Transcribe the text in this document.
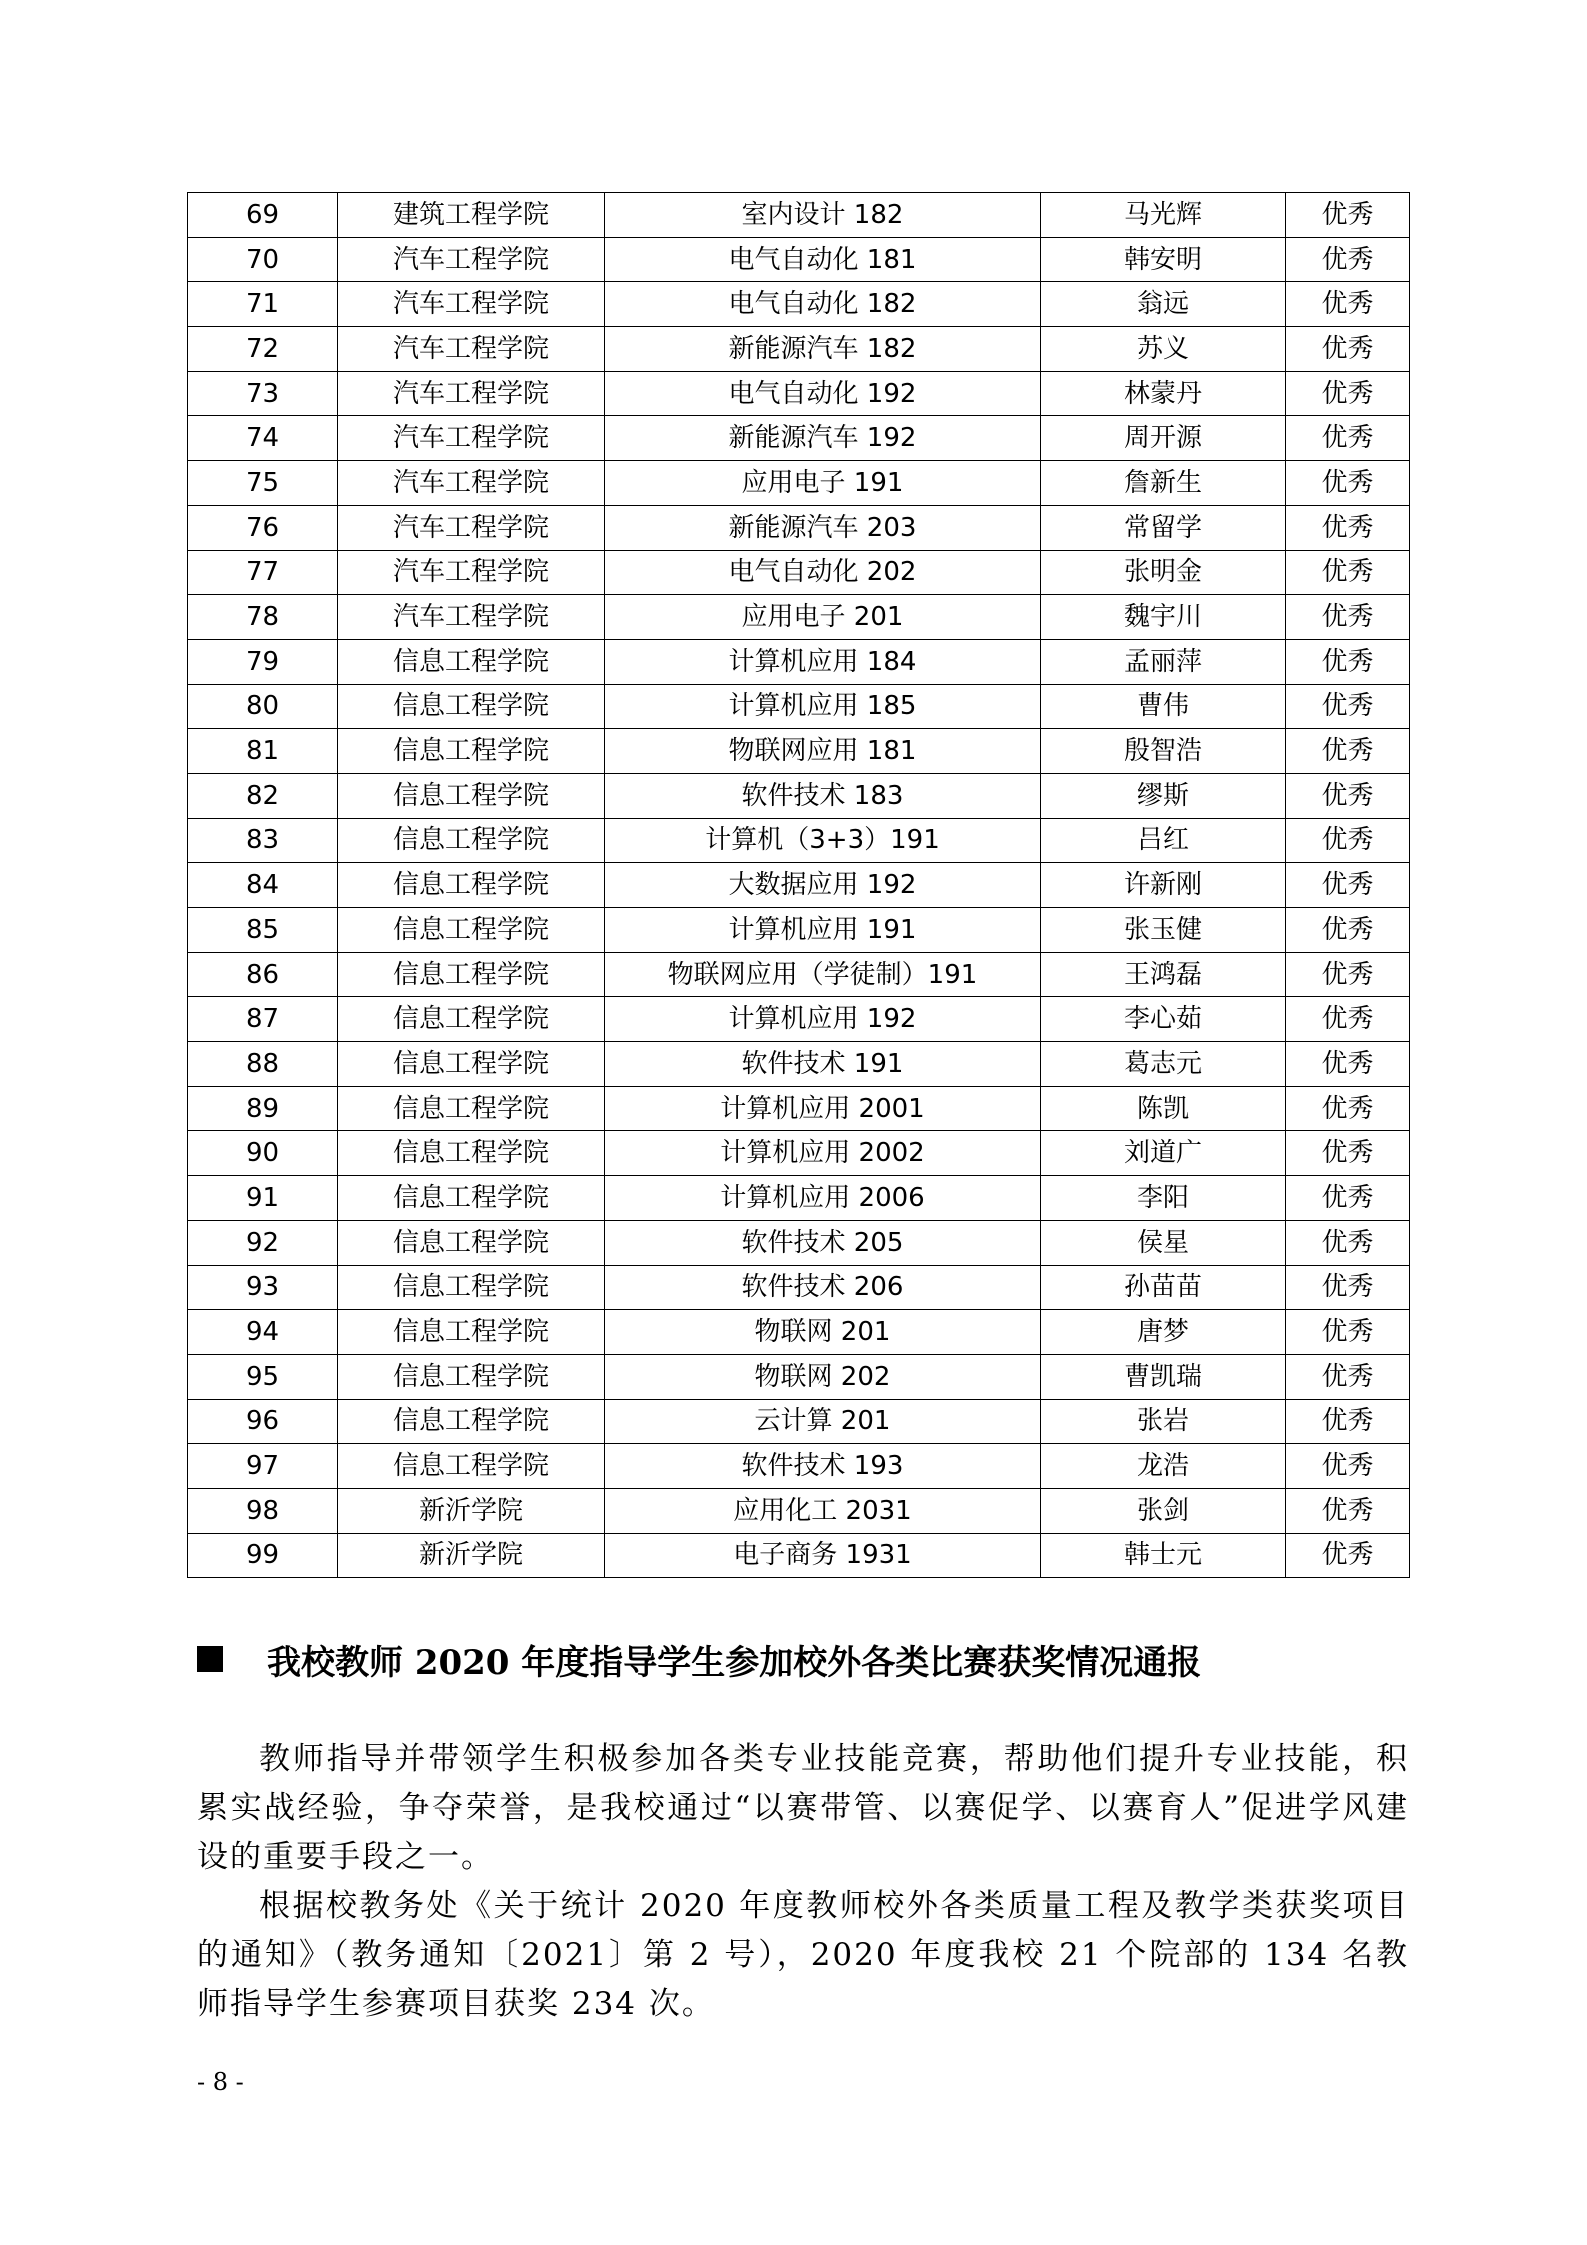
69	建筑工程学院	室内设计 182	马光辉	优秀
70	汽车工程学院	电气自动化 181	韩安明	优秀
71	汽车工程学院	电气自动化 182	翁远	优秀
72	汽车工程学院	新能源汽车 182	苏义	优秀
73	汽车工程学院	电气自动化 192	林蒙丹	优秀
74	汽车工程学院	新能源汽车 192	周开源	优秀
75	汽车工程学院	应用电子 191	詹新生	优秀
76	汽车工程学院	新能源汽车 203	常留学	优秀
77	汽车工程学院	电气自动化 202	张明金	优秀
78	汽车工程学院	应用电子 201	魏宇川	优秀
79	信息工程学院	计算机应用 184	孟丽萍	优秀
80	信息工程学院	计算机应用 185	曹伟	优秀
81	信息工程学院	物联网应用 181	殷智浩	优秀
82	信息工程学院	软件技术 183	缪斯	优秀
83	信息工程学院	计算机（3+3）191	吕红	优秀
84	信息工程学院	大数据应用 192	许新刚	优秀
85	信息工程学院	计算机应用 191	张玉健	优秀
86	信息工程学院	物联网应用（学徒制）191	王鸿磊	优秀
87	信息工程学院	计算机应用 192	李心茹	优秀
88	信息工程学院	软件技术 191	葛志元	优秀
89	信息工程学院	计算机应用 2001	陈凯	优秀
90	信息工程学院	计算机应用 2002	刘道广	优秀
91	信息工程学院	计算机应用 2006	李阳	优秀
92	信息工程学院	软件技术 205	侯星	优秀
93	信息工程学院	软件技术 206	孙苗苗	优秀
94	信息工程学院	物联网 201	唐梦	优秀
95	信息工程学院	物联网 202	曹凯瑞	优秀
96	信息工程学院	云计算 201	张岩	优秀
97	信息工程学院	软件技术 193	龙浩	优秀
98	新沂学院	应用化工 2031	张剑	优秀
99	新沂学院	电子商务 1931	韩士元	优秀
我校教师 2020 年度指导学生参加校外各类比赛获奖情况通报

教师指导并带领学生积极参加各类专业技能竞赛，帮助他们提升专业技能，积累实战经验，争夺荣誉，是我校通过“以赛带管、以赛促学、以赛育人”促进学风建设的重要手段之一。

根据校教务处《关于统计 2020 年度教师校外各类质量工程及教学类获奖项目的通知》（教务通知〔2021〕第 2 号），2020 年度我校 21 个院部的 134 名教师指导学生参赛项目获奖 234 次。

- 8 -
